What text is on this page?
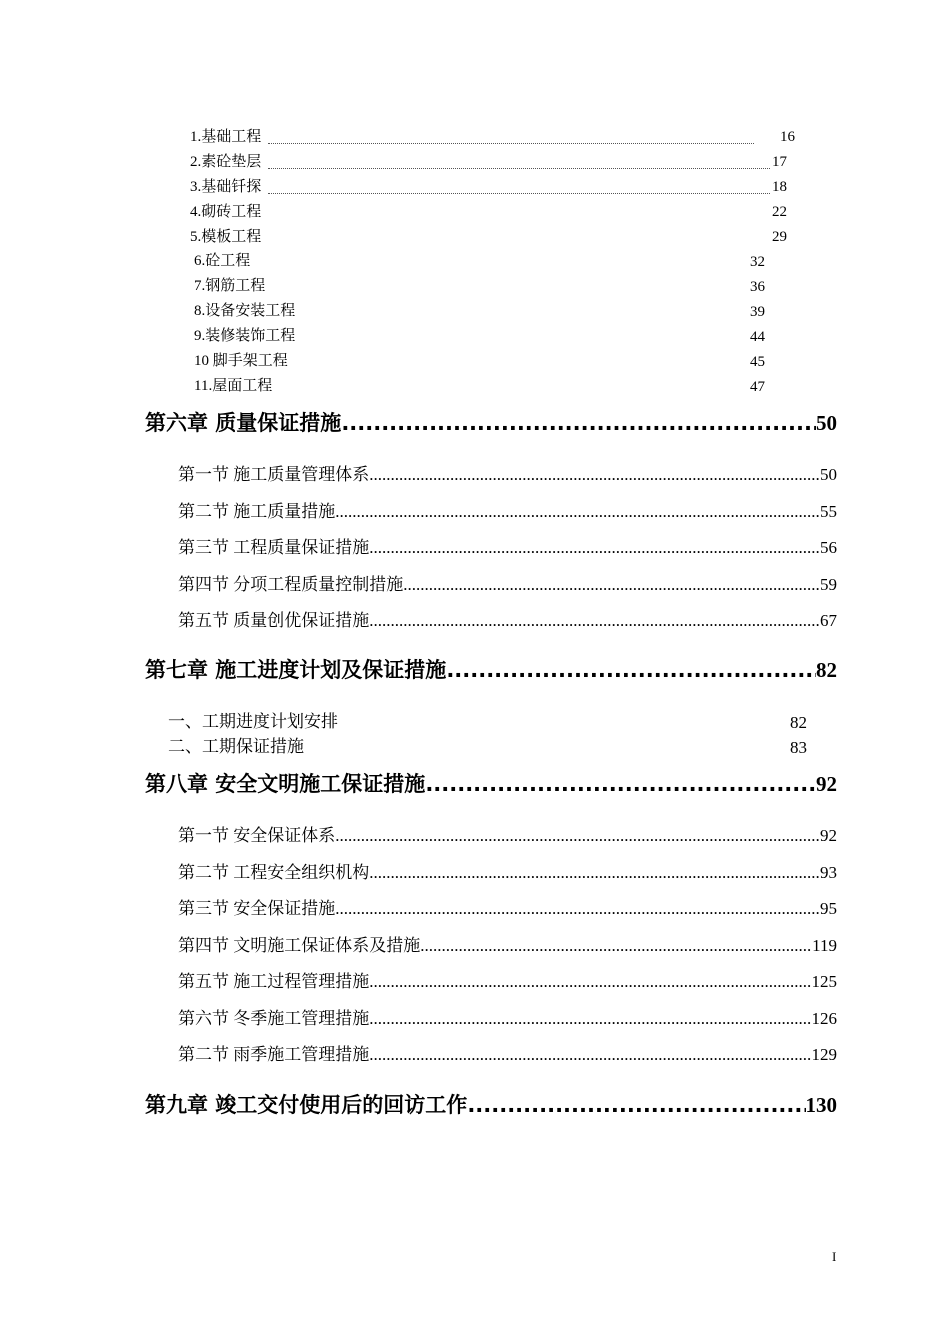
1.基础工程	16
2.素砼垫层	17
3.基础钎探	18
4.砌砖工程	22
5.模板工程	29
6.砼工程	32
7.钢筋工程	36
8.设备安装工程	39
9.装修装饰工程	44
10 脚手架工程	45
11.屋面工程	47
第六章 质量保证措施 .....	50
第一节 施工质量管理体系 .....	50
第二节 施工质量措施 .....	55
第三节 工程质量保证措施 .....	56
第四节 分项工程质量控制措施 .....	59
第五节 质量创优保证措施 .....	67
第七章 施工进度计划及保证措施 .....	82
一、工期进度计划安排	82
二、工期保证措施	83
第八章 安全文明施工保证措施 .....	92
第一节 安全保证体系 .....	92
第二节 工程安全组织机构 .....	93
第三节 安全保证措施 .....	95
第四节 文明施工保证体系及措施 .....	119
第五节 施工过程管理措施 .....	125
第六节 冬季施工管理措施 .....	126
第二节 雨季施工管理措施 .....	129
第九章 竣工交付使用后的回访工作 .....	130
I
